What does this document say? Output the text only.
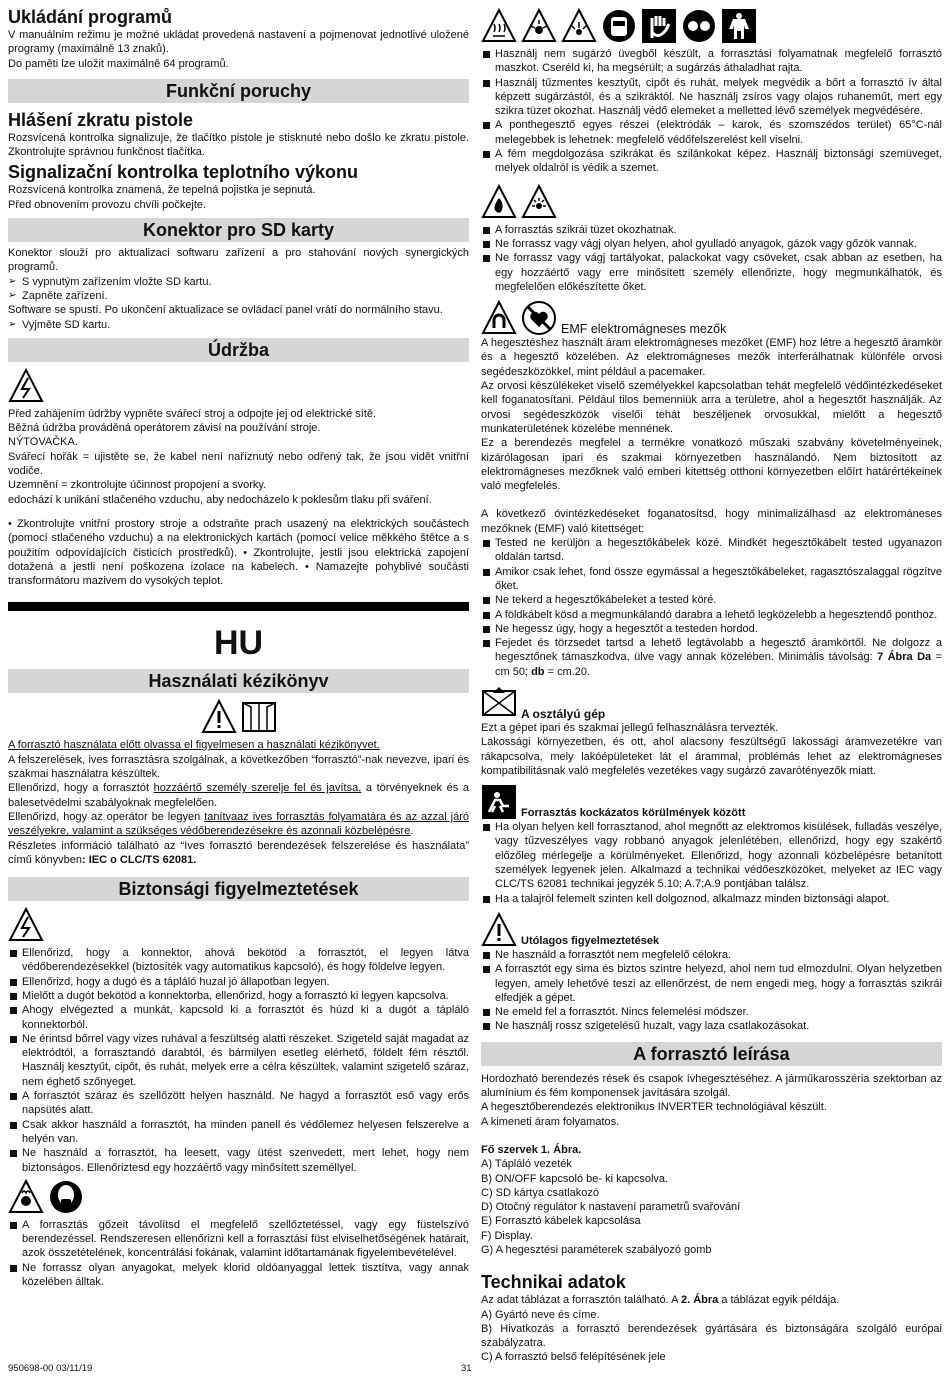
Ukládání programů

V manuálním režimu je možné ukládat provedená nastavení a pojmenovat jednotlivé uložené programy (maximálně 13 znaků).

Do paměti lze uložit maximálně 64 programů.

Funkční poruchy
Hlášení zkratu pistole

Rozsvícená kontrolka signalizuje, že tlačítko pistole je stisknuté nebo došlo ke zkratu pistole. Zkontrolujte správnou funkčnost tlačítka.

Signalizační kontrolka teplotního výkonu

Rozsvícená kontrolka znamená, že tepelná pojistka je sepnutá.

Před obnovením provozu chvíli počkejte.

Konektor pro SD karty

Konektor slouží pro aktualizaci softwaru zařízení a pro stahování nových synergických programů.

➢ S vypnutým zařízením vložte SD kartu.
➢ Zapněte zařízení.

Software se spustí. Po ukončení aktualizace se ovládací panel vrátí do normálního stavu.

➢ Vyjměte SD kartu.
Údržba

Před zahájením údržby vypněte svářecí stroj a odpojte jej od elektrické sítě.

Běžná údržba prováděná operátorem závisí na používání stroje.

NÝTOVAČKA.

Svářecí hořák = ujistěte se, že kabel není naříznutý nebo odřený tak, že jsou vidět vnitřní vodiče.

Uzemnění = zkontrolujte účinnost propojení a svorky.

edochází k unikání stlačeného vzduchu, aby nedocházelo k poklesům tlaku při sváření.

• Zkontrolujte vnitřní prostory stroje a odstraňte prach usazený na elektrických součástech (pomocí stlačeného vzduchu) a na elektronických kartách (pomocí velice měkkého štětce a s použitím odpovídajících čisticích prostředků). • Zkontrolujte, jestli jsou elektrická zapojení dotažená a jestli není poškozena izolace na kabelech. • Namazejte pohyblivé součásti transformátoru mazivem do vysokých teplot.

HU
Használati kézikönyv

A forrasztó használata előtt olvassa el figyelmesen a használati kézikönyvet.

A felszerelések, ives forrasztásra szolgálnak, a következőben “forrasztó”-nak nevezve, ipari és szakmai használatra készültek.

Ellenőrizd, hogy a forrasztót hozzáértő személy szerelje fel és javítsa, a törvényeknek és a balesetvédelmi szabályoknak megfelelően.

Ellenőrizd, hogy az operátor be legyen tanítvaaz ives forrasztás folyamatára és az azzal járó veszélyekre, valamint a szükséges védőberendezésekre és azonnali közbelépésre.

Részletes információ található az “Ives forrasztó berendezések felszerelése és használata” című könyvben: IEC o CLC/TS 62081.

Biztonsági figyelmeztetések
Ellenőrizd, hogy a konnektor, ahová bekötöd a forrasztót, el legyen látva védőberendezésekkel (biztosíték vagy automatikus kapcsoló), és hogy földelve legyen.
Ellenőrizd, hogy a dugó és a tápláló huzal jó állapotban legyen.
Mielőtt a dugót bekötöd a konnektorba, ellenőrizd, hogy a forrasztó ki legyen kapcsolva.
Ahogy elvégezted a munkát, kapcsold ki a forrasztót és húzd ki a dugót a tápláló konnektorból.
Ne érintsd bőrrel vagy vizes ruhával a feszültség alatti részeket. Szigeteld saját magadat az elektródtól, a forrasztandó darabtól, és bármilyen esetleg elérhető, földelt fém résztől. Használj kesztyűt, cipőt, és ruhát, melyek erre a célra készültek, valamint szigetelő száraz, nem éghető szőnyeget.
A forrasztót száraz és szellőzött helyen használd. Ne hagyd a forrasztót eső vagy erős napsütés alatt.
Csak akkor használd a forrasztót, ha minden panell és védőlemez helyesen felszerelve a helyén van.
Ne használd a forrasztót, ha leesett, vagy ütést szenvedett, mert lehet, hogy nem biztonságos. Ellenőriztesd egy hozzáértő vagy minősített személlyel.
A forrasztás gőzeit távolítsd el megfelelő szellőztetéssel, vagy egy füstelszívó berendezéssel. Rendszeresen ellenőrizni kell a forrasztási füst elviselhetőségének határait, azok összetételének, koncentrálási fokának, valamint időtartamának figyelembevételével.
Ne forrassz olyan anyagokat, melyek klorid oldóanyaggal lettek tisztítva, vagy annak közelében álltak.
Használj nem sugárzó üvegből készült, a forrasztási folyamatnak megfelelő forrasztó maszkot. Cseréld ki, ha megsérült; a sugárzás áthaladhat rajta.
Használj tűzmentes kesztyűt, cipőt és ruhát, melyek megvédik a bőrt a forrasztó ív által képzett sugárzástól, és a szikráktól. Ne használj zsíros vagy olajos ruhaneműt, mert egy szikra tüzet okozhat. Használj védő elemeket a melletted lévő személyek megvédésére.
A ponthegesztő egyes részei (elektródák – karok, és szomszédos terület) 65°C-nál melegebbek is lehetnek: megfelelő védőfelszerelést kell viselni.
A fém megdolgozása szikrákat és szilánkokat képez. Használj biztonsági szemüveget, melyek oldalról is védik a szemet.
A forrasztás szikrái tüzet okozhatnak.
Ne forrassz vagy vágj olyan helyen, ahol gyulladó anyagok, gázok vagy gőzök vannak.
Ne forrassz vagy vágj tartályokat, palackokat vagy csöveket, csak abban az esetben, ha egy hozzáértő vagy erre minősített személy ellenőrizte, hogy megmunkálhatók, és megfelelően előkészítette őket.
EMF elektromágneses mezők

A hegesztéshez használt áram elektromágneses mezőket (EMF) hoz létre a hegesztő áramkör és a hegesztő közelében. Az elektromágneses mezők interferálhatnak különféle orvosi segédeszközökkel, mint például a pacemaker.

Az orvosi készülékeket viselő személyekkel kapcsolatban tehát megfelelő védőintézkedéseket kell foganatosítani. Például tilos bemenniük arra a területre, ahol a hegesztőt használják. Az orvosi segédeszközök viselői tehát beszéljenek orvosukkal, mielőtt a hegesztő munkaterületének közelébe mennének.

Ez a berendezés megfelel a termékre vonatkozó műszaki szabvány követelményeinek, kizárólagosan ipari és szakmai környezetben használandó. Nem biztosított az elektromágneses mezőknek való emberi kitettség otthoni környezetben előírt határértékeinek való megfelelés.

A következő óvintézkedéseket foganatosítsd, hogy minimalizálhasd az elektrománeses mezőknek (EMF) való kitettséget:

Tested ne kerüljön a hegesztőkábelek közé. Mindkét hegesztőkábelt tested ugyanazon oldalán tartsd.
Amikor csak lehet, fond össze egymással a hegesztőkábeleket, ragasztószalaggal rögzítve őket.
Ne tekerd a hegesztőkábeleket a tested köré.
A földkábelt kösd a megmunkálandó darabra a lehető legközelebb a hegesztendő ponthoz.
Ne hegessz úgy, hogy a hegesztőt a testeden hordod.
Fejedet és törzsedet tartsd a lehető legtávolabb a hegesztő áramkörtől. Ne dolgozz a hegesztőnek támaszkodva, ülve vagy annak közelében. Minimális távolság: 7 Ábra Da = cm 50; db = cm.20.
A osztályú gép

Ezt a gépet ipari és szakmai jellegű felhasználásra tervezték.

Lakossági környezetben, és ott, ahol alacsony feszültségű lakossági áramvezetékre van rákapcsolva, mely lakóépületeket lát el árammal, problémás lehet az elektromágneses kompatibilitásnak való megfelelés vezetékes vagy sugárzó zavarótényezők miatt.

Forrasztás kockázatos körülmények között
Ha olyan helyen kell forrasztanod, ahol megnőtt az elektromos kisülések, fulladás veszélye, vagy tűzveszélyes vagy robbanó anyagok jelenlétében, ellenőrizd, hogy egy szakértő előzőleg mérlegelje a körülményeket. Ellenőrizd, hogy azonnali közbelépésre betanított személyek legyenek jelen. Alkalmazd a technikai védőeszközöket, melyeket az IEC vagy CLC/TS 62081 technikai jegyzék 5.10; A.7;A.9 pontjában találsz.
Ha a talajról felemelt szinten kell dolgoznod, alkalmazz minden biztonsági alapot.
Utólagos figyelmeztetések
Ne használd a forrasztót nem megfelelő célokra.
A forrasztót egy sima és biztos szintre helyezd, ahol nem tud elmozdulni. Olyan helyzetben legyen, amely lehetővé teszi az ellenőrzést, de nem engedi meg, hogy a forrasztás szikrái elfedjék a gépet.
Ne emeld fel a forrasztót. Nincs felemelési módszer.
Ne használj rossz szigetelésű huzalt, vagy laza csatlakozásokat.
A forrasztó leírása

Hordozható berendezés rések és csapok ívhegesztéséhez. A járműkarosszéria szektorban az alumínium és fém komponensek javítására szolgál.

A hegesztőberendezés elektronikus INVERTER technológiával készült.

A kimeneti áram folyamatos.

Fő szervek 1. Ábra.

A) Tápláló vezeték

B) ON/OFF kapcsoló be- ki kapcsolva.

C) SD kártya csatlakozó

D) Otočný regulátor k nastavení parametrů svařování

E) Forrasztó kábelek kapcsolása

F) Display.

G) A hegesztési paraméterek szabályozó gomb

Technikai adatok

Az adat táblázat a forrasztón található. A 2. Ábra a táblázat egyik példája.

A) Gyártó neve és címe.

B) Hivatkozás a forrasztó berendezések gyártására és biztonságára szolgáló európai szabályzatra.

C) A forrasztó belső felépítésének jele

950698-00 03/11/19	31
